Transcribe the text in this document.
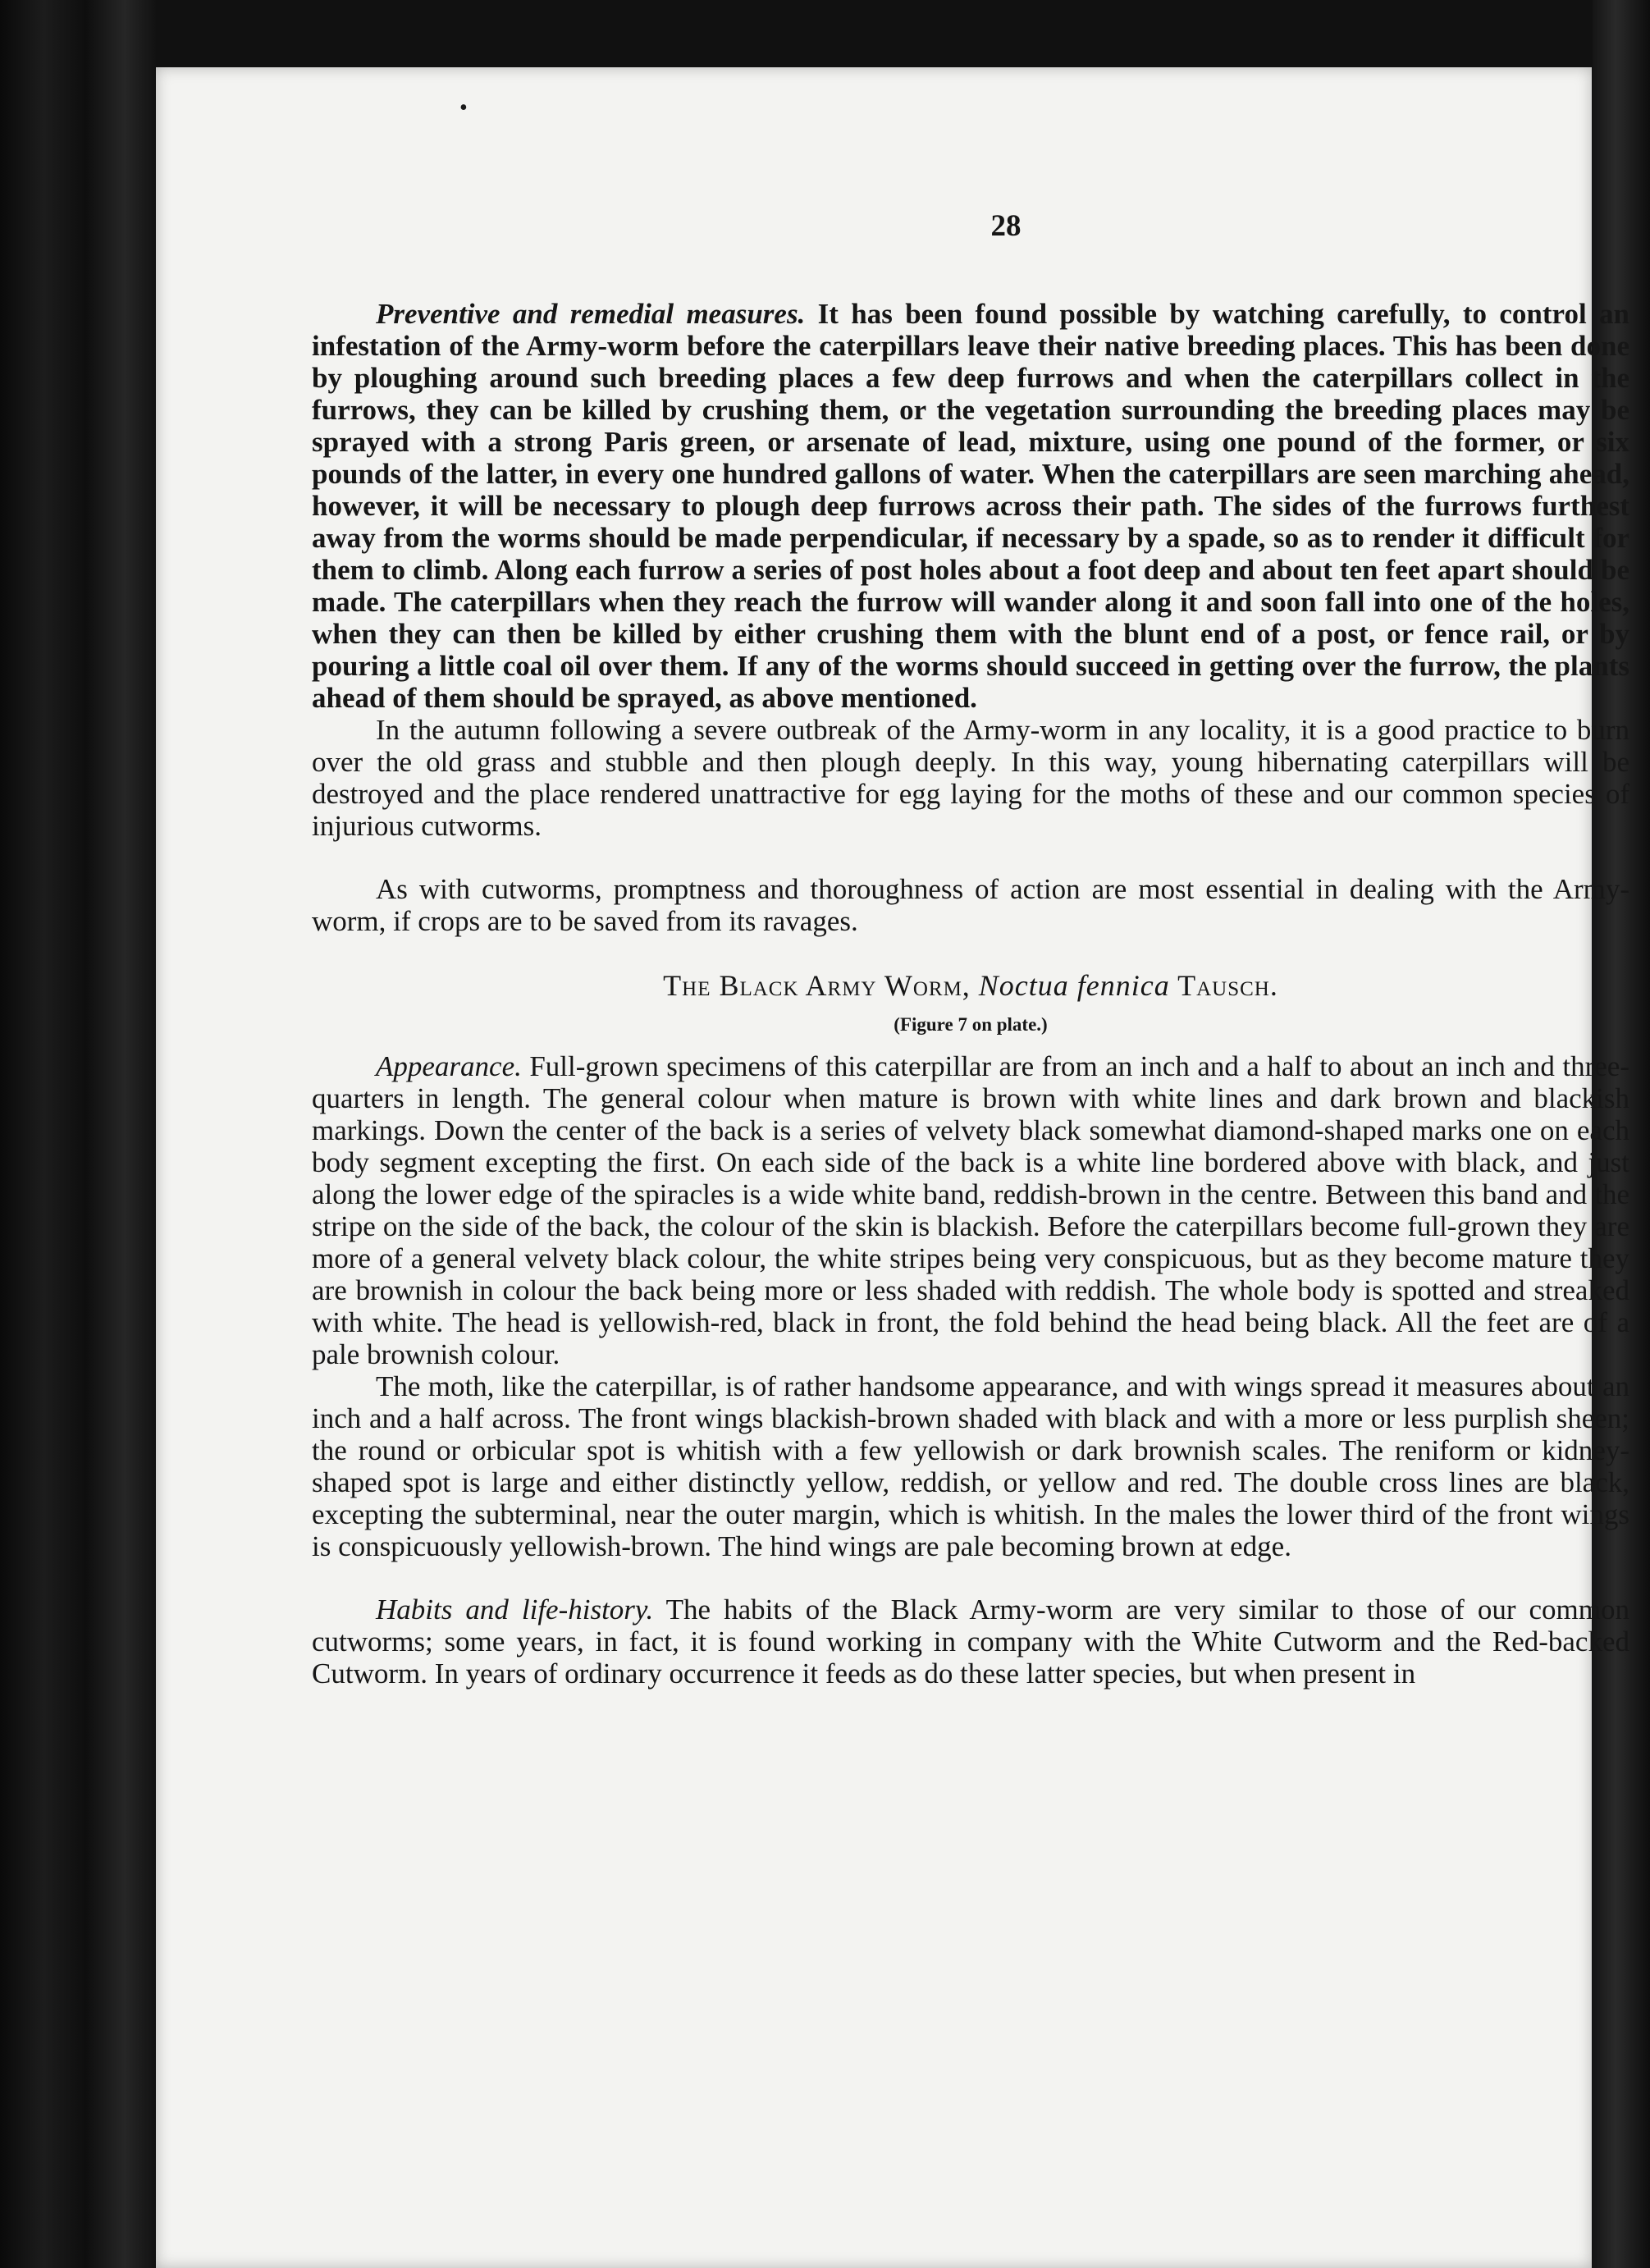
•
28

Preventive and remedial measures. It has been found possible by watching carefully, to control an infestation of the Army-worm before the caterpillars leave their native breeding places. This has been done by ploughing around such breeding places a few deep furrows and when the caterpillars collect in the furrows, they can be killed by crushing them, or the vegetation surrounding the breeding places may be sprayed with a strong Paris green, or arsenate of lead, mixture, using one pound of the former, or six pounds of the latter, in every one hundred gallons of water. When the caterpillars are seen marching ahead, however, it will be necessary to plough deep furrows across their path. The sides of the furrows furthest away from the worms should be made perpendicular, if necessary by a spade, so as to render it difficult for them to climb. Along each furrow a series of post holes about a foot deep and about ten feet apart should be made. The caterpillars when they reach the furrow will wander along it and soon fall into one of the holes, when they can then be killed by either crushing them with the blunt end of a post, or fence rail, or by pouring a little coal oil over them. If any of the worms should succeed in getting over the furrow, the plants ahead of them should be sprayed, as above mentioned.

In the autumn following a severe outbreak of the Army-worm in any locality, it is a good practice to burn over the old grass and stubble and then plough deeply. In this way, young hibernating caterpillars will be destroyed and the place rendered unattractive for egg laying for the moths of these and our common species of injurious cutworms.

As with cutworms, promptness and thoroughness of action are most essential in dealing with the Army-worm, if crops are to be saved from its ravages.

The Black Army Worm, Noctua fennica Tausch.
(Figure 7 on plate.)

Appearance. Full-grown specimens of this caterpillar are from an inch and a half to about an inch and three-quarters in length. The general colour when mature is brown with white lines and dark brown and blackish markings. Down the center of the back is a series of velvety black somewhat diamond-shaped marks one on each body segment excepting the first. On each side of the back is a white line bordered above with black, and just along the lower edge of the spiracles is a wide white band, reddish-brown in the centre. Between this band and the stripe on the side of the back, the colour of the skin is blackish. Before the caterpillars become full-grown they are more of a general velvety black colour, the white stripes being very conspicuous, but as they become mature they are brownish in colour the back being more or less shaded with reddish. The whole body is spotted and streaked with white. The head is yellowish-red, black in front, the fold behind the head being black. All the feet are of a pale brownish colour.

The moth, like the caterpillar, is of rather handsome appearance, and with wings spread it measures about an inch and a half across. The front wings blackish-brown shaded with black and with a more or less purplish sheen; the round or orbicular spot is whitish with a few yellowish or dark brownish scales. The reniform or kidney-shaped spot is large and either distinctly yellow, reddish, or yellow and red. The double cross lines are black, excepting the subterminal, near the outer margin, which is whitish. In the males the lower third of the front wings is conspicuously yellowish-brown. The hind wings are pale becoming brown at edge.

Habits and life-history. The habits of the Black Army-worm are very similar to those of our common cutworms; some years, in fact, it is found working in company with the White Cutworm and the Red-backed Cutworm. In years of ordinary occurrence it feeds as do these latter species, but when present in
